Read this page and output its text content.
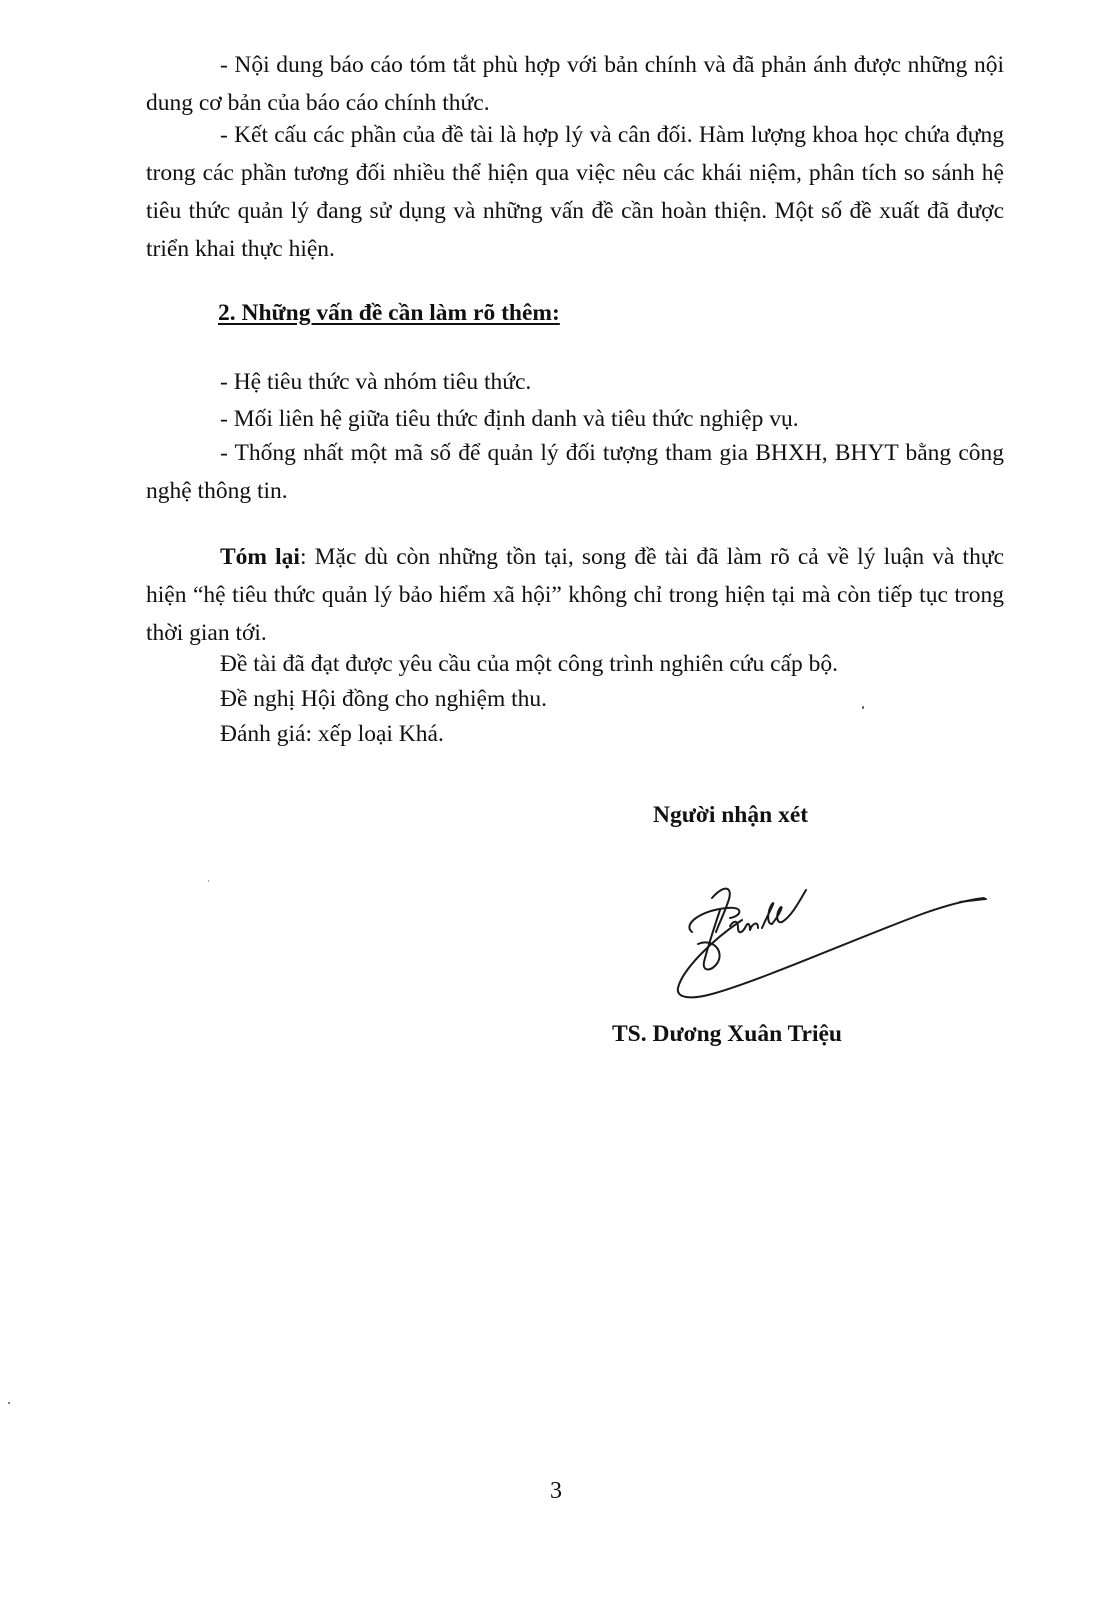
- Nội dung báo cáo tóm tắt phù hợp với bản chính và đã phản ánh được những nội dung cơ bản của báo cáo chính thức.

- Kết cấu các phần của đề tài là hợp lý và cân đối. Hàm lượng khoa học chứa đựng trong các phần tương đối nhiều thể hiện qua việc nêu các khái niệm, phân tích so sánh hệ tiêu thức quản lý đang sử dụng và những vấn đề cần hoàn thiện. Một số đề xuất đã được triển khai thực hiện.

2. Những vấn đề cần làm rõ thêm:

- Hệ tiêu thức và nhóm tiêu thức.

- Mối liên hệ giữa tiêu thức định danh và tiêu thức nghiệp vụ.

- Thống nhất một mã số để quản lý đối tượng tham gia BHXH, BHYT bằng công nghệ thông tin.

Tóm lại: Mặc dù còn những tồn tại, song đề tài đã làm rõ cả về lý luận và thực hiện “hệ tiêu thức quản lý bảo hiểm xã hội” không chỉ trong hiện tại mà còn tiếp tục trong thời gian tới.

Đề tài đã đạt được yêu cầu của một công trình nghiên cứu cấp bộ.

Đề nghị Hội đồng cho nghiệm thu.

Đánh giá: xếp loại Khá.

Người nhận xét
TS. Dương Xuân Triệu
3
